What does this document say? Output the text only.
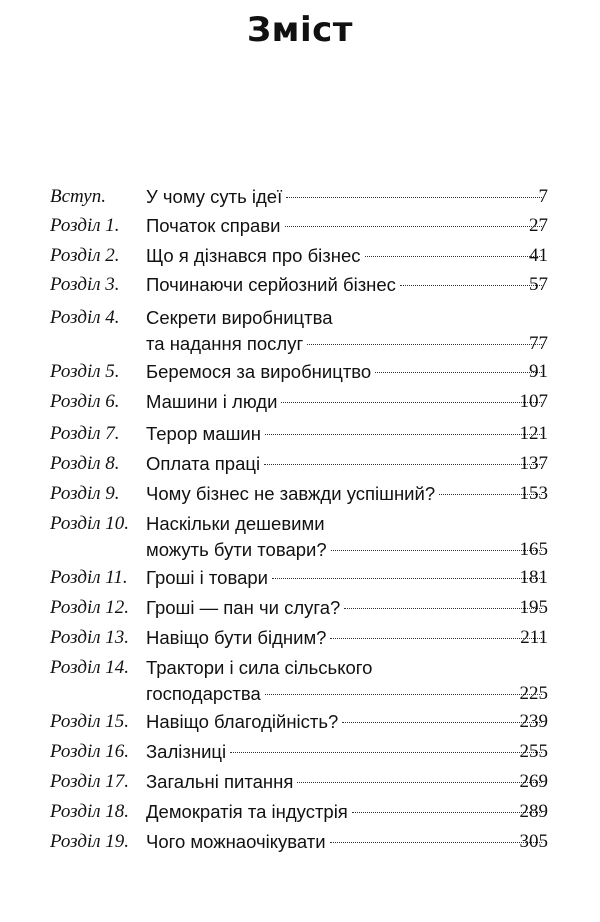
Зміст
Вступ. У чому суть ідеї	7
Розділ 1. Початок справи	27
Розділ 2. Що я дізнався про бізнес	41
Розділ 3. Починаючи серйозний бізнес	57
Розділ 4. Секрети виробництва
та надання послуг	77
Розділ 5. Беремося за виробництво	91
Розділ 6. Машини і люди	107
Розділ 7. Терор машин	121
Розділ 8. Оплата праці	137
Розділ 9. Чому бізнес не завжди успішний?	153
Розділ 10. Наскільки дешевими
можуть бути товари?	165
Розділ 11. Гроші і товари	181
Розділ 12. Гроші — пан чи слуга?	195
Розділ 13. Навіщо бути бідним?	211
Розділ 14. Трактори і сила сільського
господарства	225
Розділ 15. Навіщо благодійність?	239
Розділ 16. Залізниці	255
Розділ 17. Загальні питання	269
Розділ 18. Демократія та індустрія	289
Розділ 19. Чого можнаочікувати	305
